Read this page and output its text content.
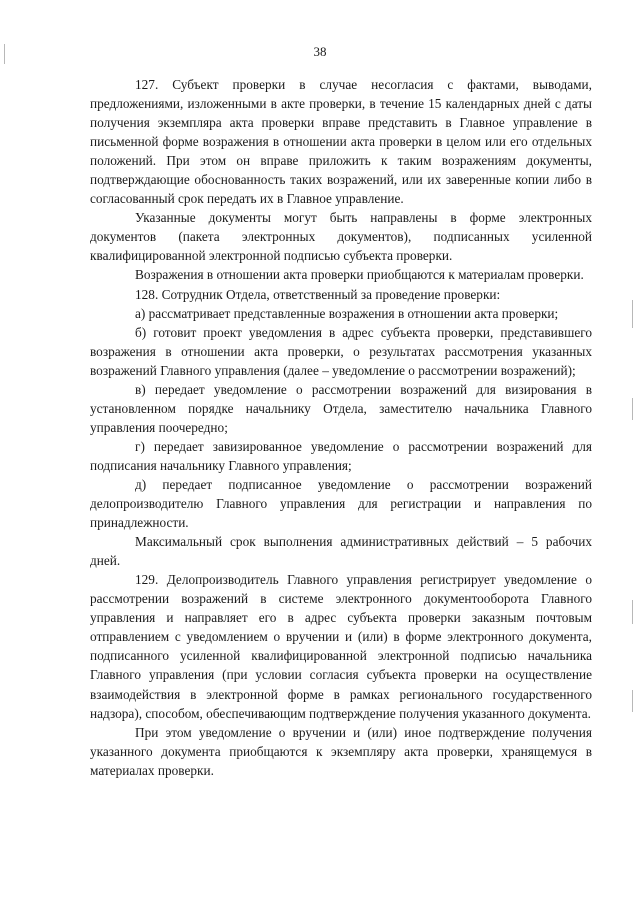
38

127. Субъект проверки в случае несогласия с фактами, выводами, предложениями, изложенными в акте проверки, в течение 15 календарных дней с даты получения экземпляра акта проверки вправе представить в Главное управление в письменной форме возражения в отношении акта проверки в целом или его отдельных положений. При этом он вправе приложить к таким возражениям документы, подтверждающие обоснованность таких возражений, или их заверенные копии либо в согласованный срок передать их в Главное управление.

Указанные документы могут быть направлены в форме электронных документов (пакета электронных документов), подписанных усиленной квалифицированной электронной подписью субъекта проверки.

Возражения в отношении акта проверки приобщаются к материалам проверки.

128. Сотрудник Отдела, ответственный за проведение проверки:

а) рассматривает представленные возражения в отношении акта проверки;

б) готовит проект уведомления в адрес субъекта проверки, представившего возражения в отношении акта проверки, о результатах рассмотрения указанных возражений Главного управления (далее – уведомление о рассмотрении возражений);

в) передает уведомление о рассмотрении возражений для визирования в установленном порядке начальнику Отдела, заместителю начальника Главного управления поочередно;

г) передает завизированное уведомление о рассмотрении возражений для подписания начальнику Главного управления;

д) передает подписанное уведомление о рассмотрении возражений делопроизводителю Главного управления для регистрации и направления по принадлежности.

Максимальный срок выполнения административных действий – 5 рабочих дней.

129. Делопроизводитель Главного управления регистрирует уведомление о рассмотрении возражений в системе электронного документооборота Главного управления и направляет его в адрес субъекта проверки заказным почтовым отправлением с уведомлением о вручении и (или) в форме электронного документа, подписанного усиленной квалифицированной электронной подписью начальника Главного управления (при условии согласия субъекта проверки на осуществление взаимодействия в электронной форме в рамках регионального государственного надзора), способом, обеспечивающим подтверждение получения указанного документа.

При этом уведомление о вручении и (или) иное подтверждение получения указанного документа приобщаются к экземпляру акта проверки, хранящемуся в материалах проверки.
